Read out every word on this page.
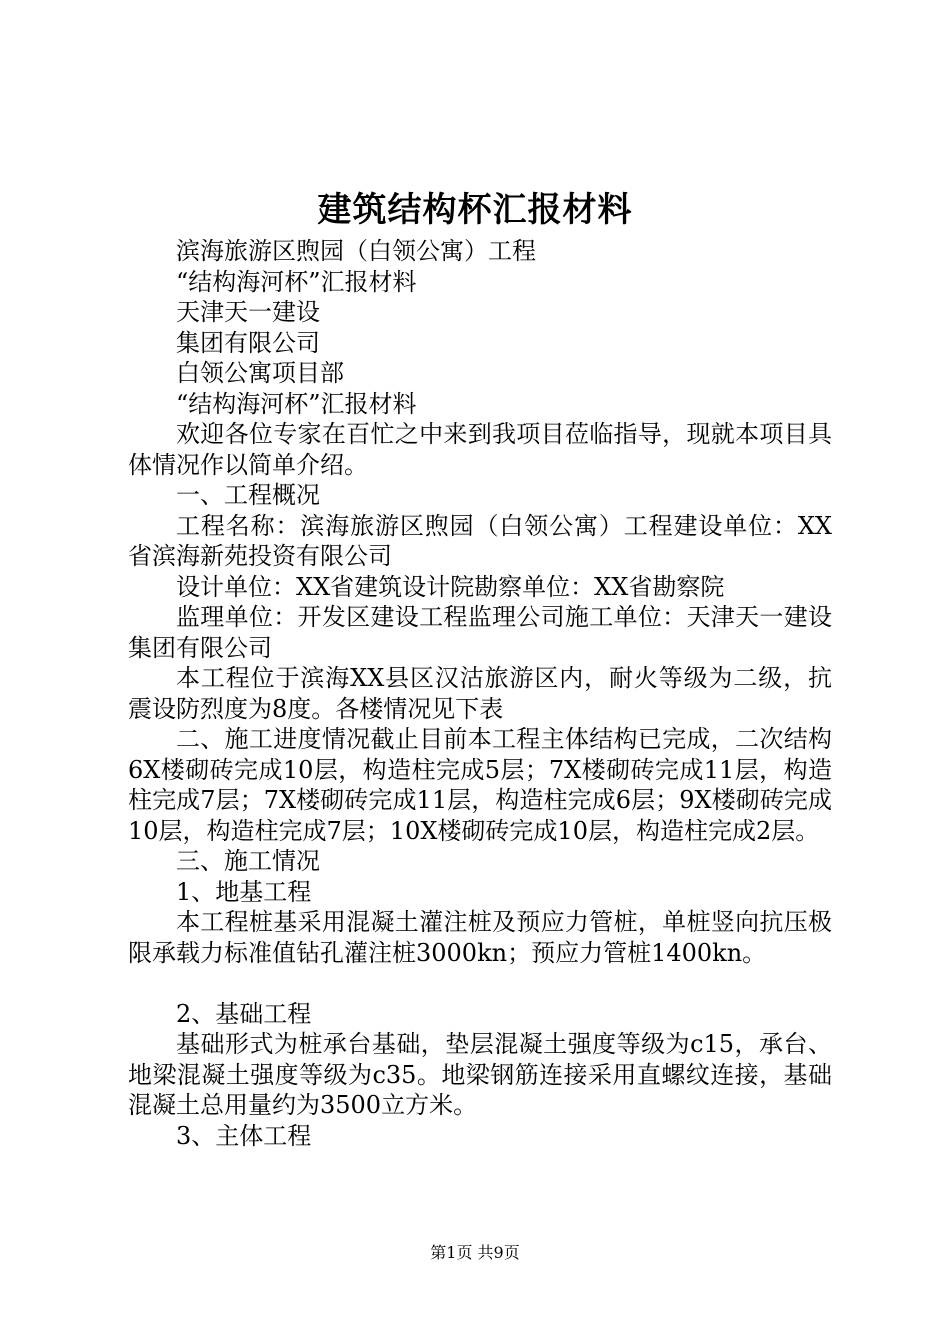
建筑结构杯汇报材料

滨海旅游区煦园（白领公寓）工程

“结构海河杯”汇报材料

天津天一建设

集团有限公司

白领公寓项目部

“结构海河杯”汇报材料

欢迎各位专家在百忙之中来到我项目莅临指导，现就本项目具体情况作以简单介绍。

一、工程概况

工程名称：滨海旅游区煦园（白领公寓）工程建设单位：XX省滨海新苑投资有限公司

设计单位：XX省建筑设计院勘察单位：XX省勘察院

监理单位：开发区建设工程监理公司施工单位：天津天一建设集团有限公司

本工程位于滨海XX县区汉沽旅游区内，耐火等级为二级，抗震设防烈度为8度。各楼情况见下表

二、施工进度情况截止目前本工程主体结构已完成，二次结构6X楼砌砖完成10层，构造柱完成5层；7X楼砌砖完成11层，构造柱完成7层；7X楼砌砖完成11层，构造柱完成6层；9X楼砌砖完成10层，构造柱完成7层；10X楼砌砖完成10层，构造柱完成2层。

三、施工情况

1、地基工程

本工程桩基采用混凝土灌注桩及预应力管桩，单桩竖向抗压极限承载力标准值钻孔灌注桩3000kn；预应力管桩1400kn。

2、基础工程

基础形式为桩承台基础，垫层混凝土强度等级为c15，承台、地梁混凝土强度等级为c35。地梁钢筋连接采用直螺纹连接，基础混凝土总用量约为3500立方米。

3、主体工程

第1页 共9页
